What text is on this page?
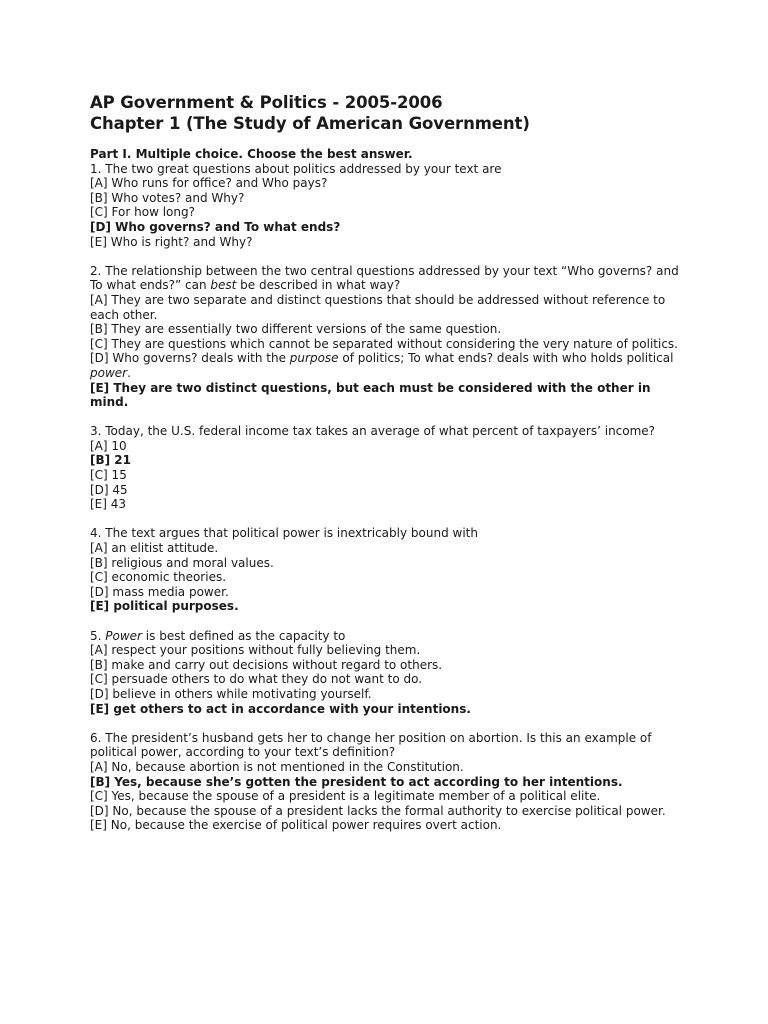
AP Government & Politics - 2005-2006
Chapter 1 (The Study of American Government)
Part I. Multiple choice. Choose the best answer.
1. The two great questions about politics addressed by your text are
[A] Who runs for office? and Who pays?
[B] Who votes? and Why?
[C] For how long?
[D] Who governs? and To what ends?
[E] Who is right? and Why?
2. The relationship between the two central questions addressed by your text “Who governs? and To what ends?” can best be described in what way?
[A] They are two separate and distinct questions that should be addressed without reference to each other.
[B] They are essentially two different versions of the same question.
[C] They are questions which cannot be separated without considering the very nature of politics.
[D] Who governs? deals with the purpose of politics; To what ends? deals with who holds political power.
[E] They are two distinct questions, but each must be considered with the other in mind.
3. Today, the U.S. federal income tax takes an average of what percent of taxpayers’ income?
[A] 10
[B] 21
[C] 15
[D] 45
[E] 43
4. The text argues that political power is inextricably bound with
[A] an elitist attitude.
[B] religious and moral values.
[C] economic theories.
[D] mass media power.
[E] political purposes.
5. Power is best defined as the capacity to
[A] respect your positions without fully believing them.
[B] make and carry out decisions without regard to others.
[C] persuade others to do what they do not want to do.
[D] believe in others while motivating yourself.
[E] get others to act in accordance with your intentions.
6. The president’s husband gets her to change her position on abortion. Is this an example of political power, according to your text’s definition?
[A] No, because abortion is not mentioned in the Constitution.
[B] Yes, because she’s gotten the president to act according to her intentions.
[C] Yes, because the spouse of a president is a legitimate member of a political elite.
[D] No, because the spouse of a president lacks the formal authority to exercise political power.
[E] No, because the exercise of political power requires overt action.
